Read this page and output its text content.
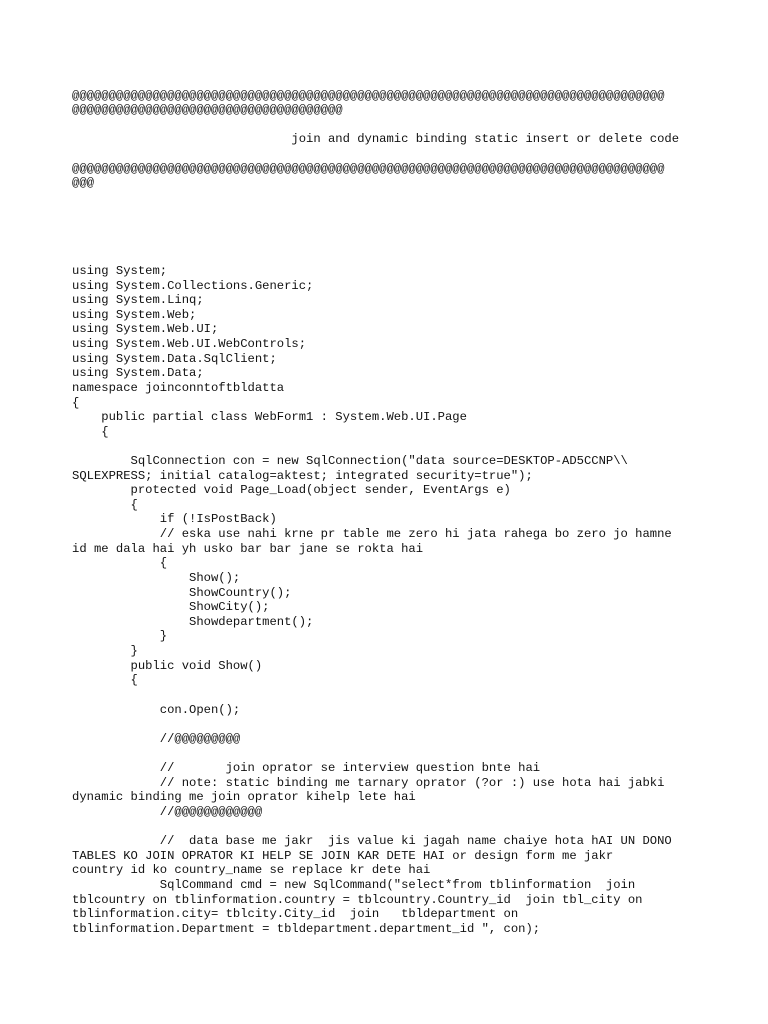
@@@@@@@@@@@@@@@@@@@@@@@@@@@@@@@@@@@@@@@@@@@@@@@@@@@@@@@@@@@@@@@@@@@@@@@@@@@@@@@@@

@@@@@@@@@@@@@@@@@@@@@@@@@@@@@@@@@@@@@

join and dynamic binding static insert or delete code

@@@@@@@@@@@@@@@@@@@@@@@@@@@@@@@@@@@@@@@@@@@@@@@@@@@@@@@@@@@@@@@@@@@@@@@@@@@@@@@@@

@@@

using System;

using System.Collections.Generic;

using System.Linq;

using System.Web;

using System.Web.UI;

using System.Web.UI.WebControls;

using System.Data.SqlClient;

using System.Data;

namespace joinconntoftbldatta

{

public partial class WebForm1 : System.Web.UI.Page

{

SqlConnection con = new SqlConnection("data source=DESKTOP-AD5CCNP\\

SQLEXPRESS; initial catalog=aktest; integrated security=true");

protected void Page_Load(object sender, EventArgs e)

{

if (!IsPostBack)

// eska use nahi krne pr table me zero hi jata rahega bo zero jo hamne

id me dala hai yh usko bar bar jane se rokta hai

{

Show();

ShowCountry();

ShowCity();

Showdepartment();

}

}

public void Show()

{

con.Open();

//@@@@@@@@@

//       join oprator se interview question bnte hai

// note: static binding me tarnary oprator (?or :) use hota hai jabki

dynamic binding me join oprator kihelp lete hai

//@@@@@@@@@@@@

//  data base me jakr  jis value ki jagah name chaiye hota hAI UN DONO

TABLES KO JOIN OPRATOR KI HELP SE JOIN KAR DETE HAI or design form me jakr

country id ko country_name se replace kr dete hai

SqlCommand cmd = new SqlCommand("select*from tblinformation  join

tblcountry on tblinformation.country = tblcountry.Country_id  join tbl_city on

tblinformation.city= tblcity.City_id  join   tbldepartment on

tblinformation.Department = tbldepartment.department_id ", con);
